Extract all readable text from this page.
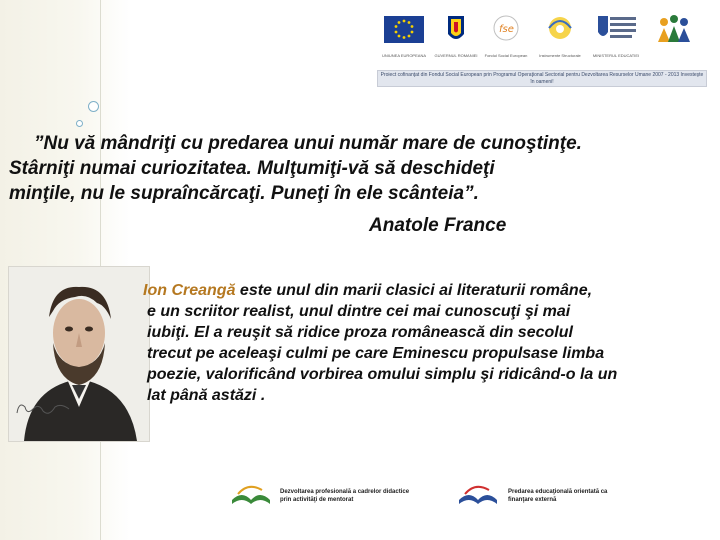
UNIUNEA EUROPEANA	GUVERNUL ROMANIEI
fse
Fondul Social European	Instrumente Structurale	MINISTERUL EDUCATIEI
Proiect cofinanţat din Fondul Social European prin Programul Operaţional Sectorial pentru Dezvoltarea Resurselor Umane 2007 - 2013 Investeşte în oameni!
”Nu vă mândriţi cu predarea unui număr mare de cunoştinţe.
Stârniţi numai curiozitatea. Mulţumiţi-vă să deschideţi
minţile, nu le supraîncărcaţi. Puneţi în ele scânteia”.
Anatole France
Ion Creangă este unul din marii clasici ai literaturii române,
e un scriitor realist, unul dintre cei mai cunoscuţi şi mai
iubiţi. El a reuşit să ridice proza românească din secolul
trecut pe aceleaşi culmi pe care Eminescu propulsase limba
poezie, valorificând vorbirea omului simplu şi ridicând-o la un
lat până astăzi .
Dezvoltarea profesională a cadrelor didactice prin activităţi de mentorat
Predarea educaţională orientată ca finanţare externă
